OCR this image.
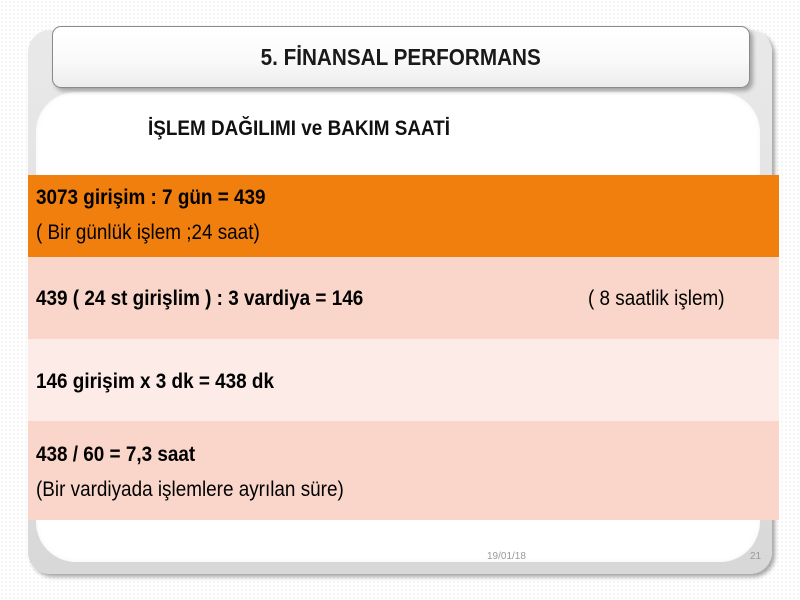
5. FİNANSAL PERFORMANS
İŞLEM DAĞILIMI ve BAKIM SAATİ
3073 girişim : 7 gün = 439
( Bir günlük işlem ;24 saat)
439 ( 24 st girişlim ) : 3 vardiya = 146	( 8 saatlik işlem)
146 girişim x 3 dk = 438 dk
438 / 60 = 7,3 saat
(Bir vardiyada işlemlere ayrılan süre)
19/01/18	21
